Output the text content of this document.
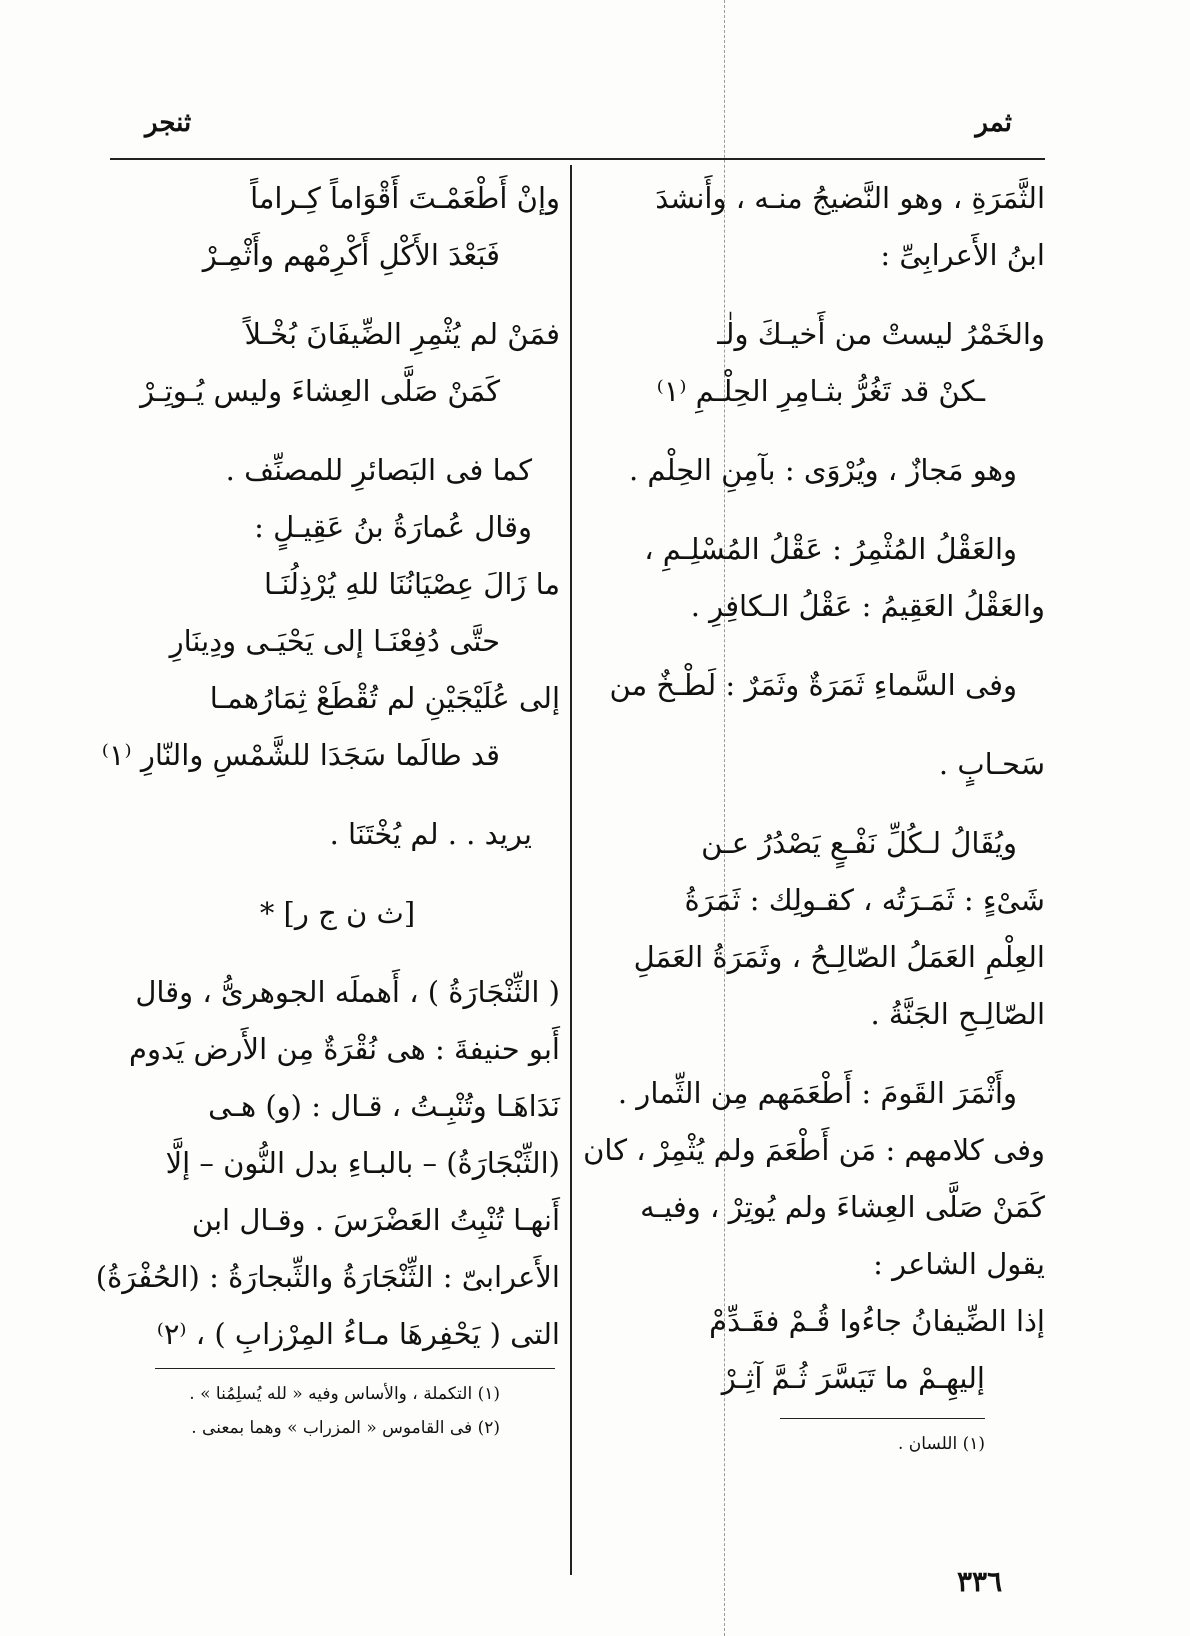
ثمر
ثنجر
الثَّمَرَةِ ، وهو النَّضيجُ منـه ، وأَنشدَ
ابنُ الأَعرابِىِّ :
والخَمْرُ ليستْ من أَخيـكَ ولٰـ
ـكنْ قد تَغُرُّ بثـامِرِ الحِلْـمِ ⁽١⁾
وهو مَجازٌ ، ويُرْوَى : بآمِنِ الحِلْم .
والعَقْلُ المُثْمِرُ : عَقْلُ المُسْلِـمِ ،
والعَقْلُ العَقِيمُ : عَقْلُ الـكافِرِ .
وفى السَّماءِ ثَمَرَةٌ وثَمَرٌ : لَطْـخٌ من
سَحـابٍ .
ويُقَالُ لـكُلِّ نَفْـعٍ يَصْدُرُ عـن
شَىْءٍ : ثَمَـرَتُه ، كقـولِك : ثَمَرَةُ
العِلْمِ العَمَلُ الصّالِـحُ ، وثَمَرَةُ العَمَلِ
الصّالِـحِ الجَنَّةُ .
وأَثْمَرَ القَومَ : أَطْعَمَهم مِن الثِّمار .
وفى كلامهم : مَن أَطْعَمَ ولم يُثْمِرْ ، كان
كَمَنْ صَلَّى العِشاءَ ولم يُوتِرْ ، وفيـه
يقول الشاعر :
إذا الضِّيفانُ جاءُوا قُـمْ فقَـدِّمْ
إليهِـمْ ما تَيَسَّرَ ثُـمَّ آثِـرْ
(١) اللسان .
وإنْ أَطْعَمْـتَ أَقْوَاماً كِـراماً
فَبَعْدَ الأَكْلِ أَكْرِمْهم وأَثْمِـرْ
فمَنْ لم يُثْمِرِ الضِّيفَانَ بُخْـلاً
كَمَنْ صَلَّى العِشاءَ وليس يُـوتِـرْ
كما فى البَصائرِ للمصنِّف .
وقال عُمارَةُ بنُ عَقِيـلٍ :
ما زَالَ عِصْيَانُنَا للهِ يُرْذِلُنَـا
حتَّى دُفِعْنَـا إلى يَحْيَـى ودِينَارِ
إلى عُلَيْجَيْنِ لم تُقْطَعْ ثِمَارُهمـا
قد طالَما سَجَدَا للشَّمْسِ والنّارِ ⁽١⁾
يريد . . لم يُخْتَنَا .
[ث ن ج ر] *
( الثِّنْجَارَةُ ) ، أَهملَه الجوهرىُّ ، وقال
أَبو حنيفةَ : هى نُقْرَةٌ مِن الأَرض يَدوم
نَدَاهَـا وتُنْبِـتُ ، قـال : (و) هـى
(الثِّبْجَارَةُ) – بالبـاءِ بدل النُّون – إلَّا
أَنهـا تُنْبِتُ العَضْرَسَ . وقـال ابن
الأَعرابىّ : الثِّنْجَارَةُ والثِّبجارَةُ : (الحُفْرَةُ)
التى ( يَحْفِرهَا مـاءُ المِرْزابِ ) ، ⁽٢⁾
(١) التكملة ، والأساس وفيه « لله يُسلِمُنا » .
(٢) فى القاموس « المزراب » وهما بمعنى .
٣٣٦
